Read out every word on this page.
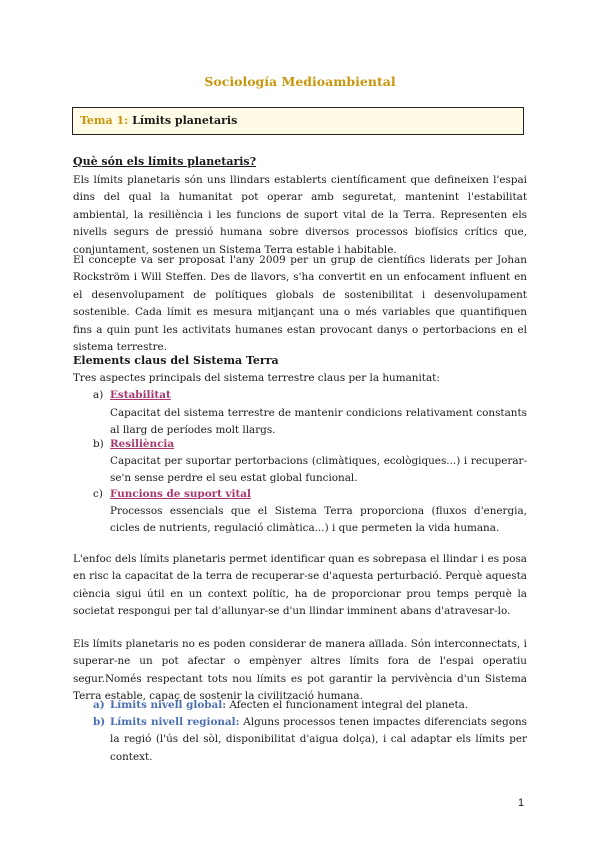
Sociología Medioambiental
Tema 1: Límits planetaris
Què són els límits planetaris?

Els límits planetaris són uns llindars establerts científicament que defineixen l'espai dins del qual la humanitat pot operar amb seguretat, mantenint l'estabilitat ambiental, la resiliència i les funcions de suport vital de la Terra. Representen els nivells segurs de pressió humana sobre diversos processos biofísics crítics que, conjuntament, sostenen un Sistema Terra estable i habitable.

El concepte va ser proposat l'any 2009 per un grup de científics liderats per Johan Rockström i Will Steffen. Des de llavors, s'ha convertit en un enfocament influent en el desenvolupament de polítiques globals de sostenibilitat i desenvolupament sostenible. Cada límit es mesura mitjançant una o més variables que quantifiquen fins a quin punt les activitats humanes estan provocant danys o pertorbacions en el sistema terrestre.

Elements claus del Sistema Terra

Tres aspectes principals del sistema terrestre claus per la humanitat:

a) Estabilitat

Capacitat del sistema terrestre de mantenir condicions relativament constants al llarg de períodes molt llargs.

b) Resiliència

Capacitat per suportar pertorbacions (climàtiques, ecològiques...) i recuperar-se'n sense perdre el seu estat global funcional.

c) Funcions de suport vital

Processos essencials que el Sistema Terra proporciona (fluxos d'energia, cicles de nutrients, regulació climàtica...) i que permeten la vida humana.

L'enfoc dels límits planetaris permet identificar quan es sobrepasa el llindar i es posa en risc la capacitat de la terra de recuperar-se d'aquesta perturbació. Perquè aquesta ciència sigui útil en un context polític, ha de proporcionar prou temps perquè la societat respongui per tal d'allunyar-se d'un llindar imminent abans d'atravesar-lo.

Els límits planetaris no es poden considerar de manera aïllada. Són interconnectats, i superar-ne un pot afectar o empènyer altres límits fora de l'espai operatiu segur.Només respectant tots nou límits es pot garantir la pervivència d'un Sistema Terra estable, capaç de sostenir la civilització humana.

a) Límits nivell global: Afecten el funcionament integral del planeta.

b) Límits nivell regional: Alguns processos tenen impactes diferenciats segons la regió (l'ús del sòl, disponibilitat d'aigua dolça), i cal adaptar els límits per context.

1
